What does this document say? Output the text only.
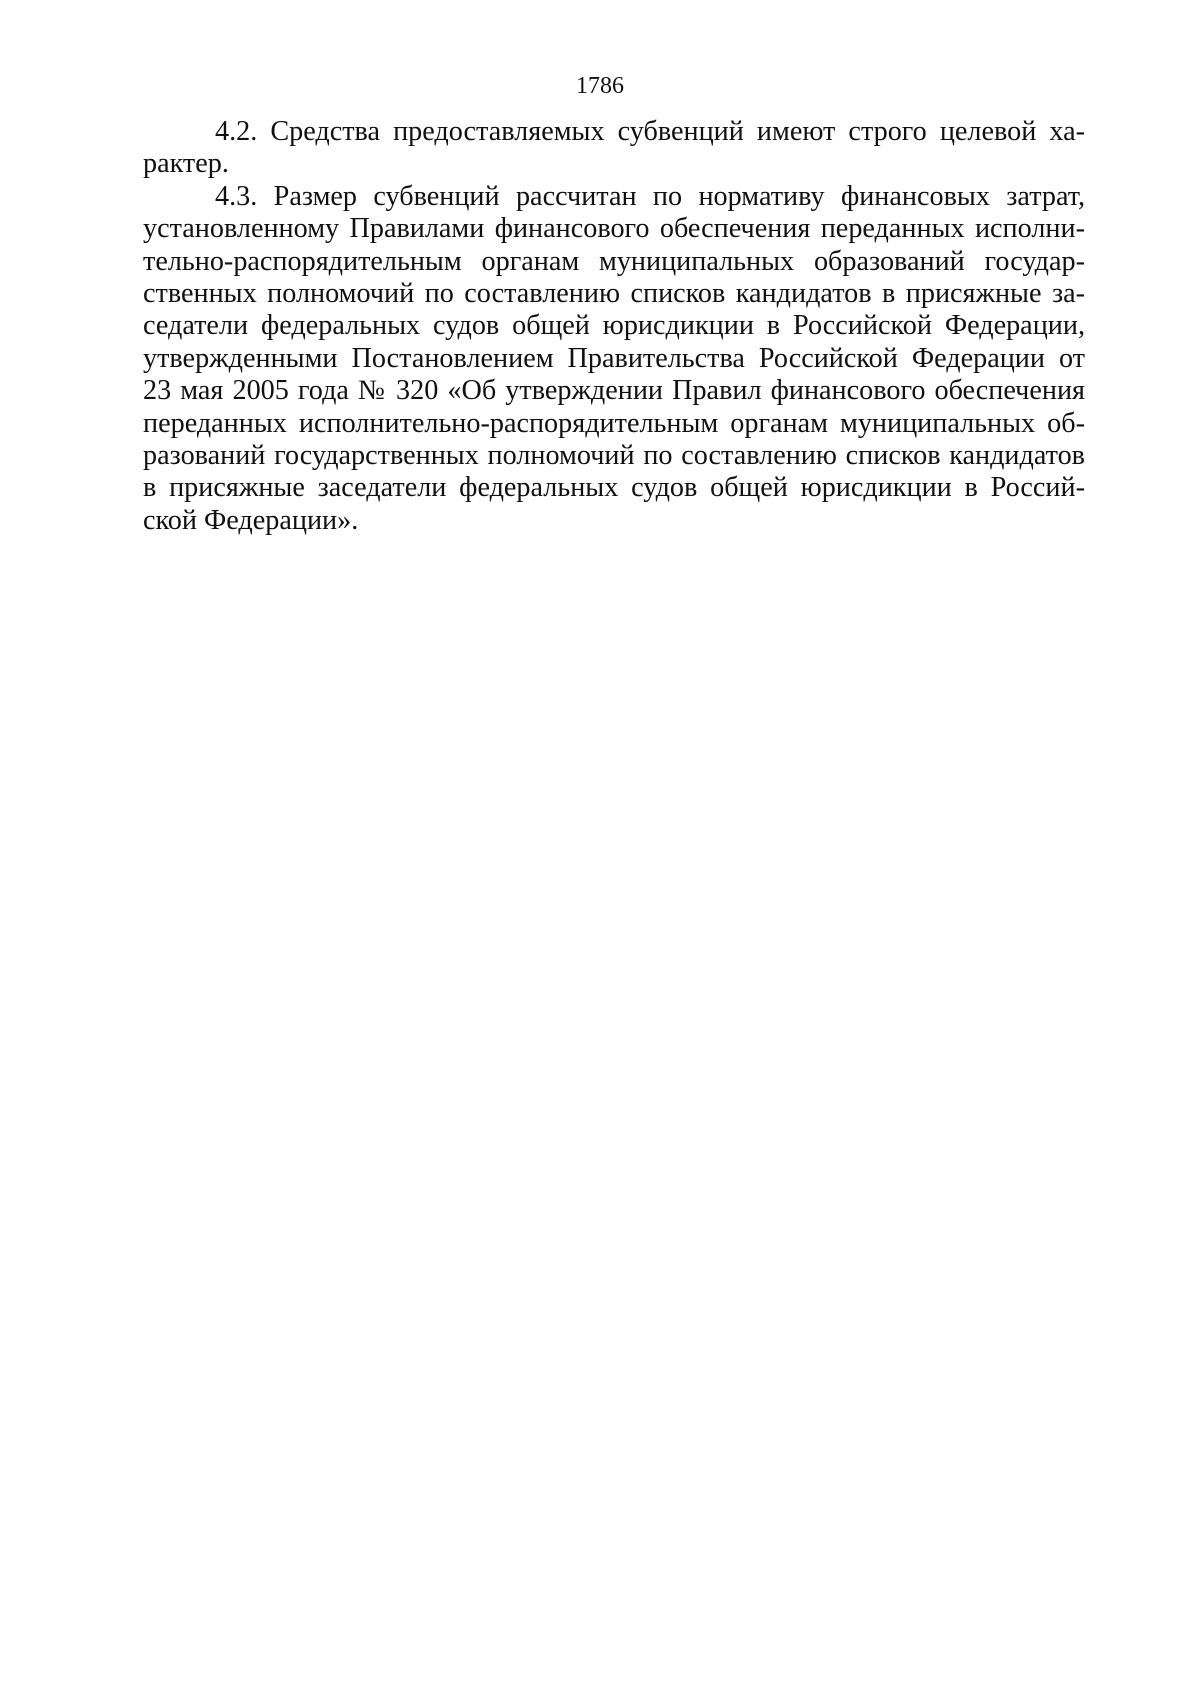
1786

4.2. Средства предоставляемых субвенций имеют строго целевой ха-
рактер.
4.3. Размер субвенций рассчитан по нормативу финансовых затрат,
установленному Правилами финансового обеспечения переданных исполни-
тельно-распорядительным органам муниципальных образований государ-
ственных полномочий по составлению списков кандидатов в присяжные за-
седатели федеральных судов общей юрисдикции в Российской Федерации,
утвержденными Постановлением Правительства Российской Федерации от
23 мая 2005 года № 320 «Об утверждении Правил финансового обеспечения
переданных исполнительно-распорядительным органам муниципальных об-
разований государственных полномочий по составлению списков кандидатов
в присяжные заседатели федеральных судов общей юрисдикции в Россий-
ской Федерации».
